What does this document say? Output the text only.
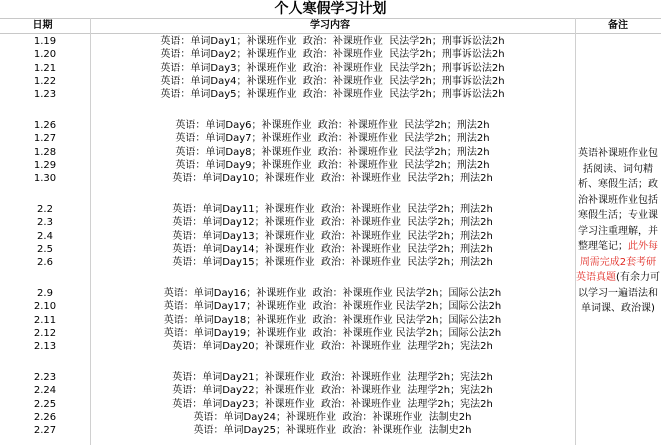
个人寒假学习计划
日期	学习内容	备注
1.19	英语：单词Day1；补课班作业  政治：补课班作业  民法学2h；刑事诉讼法2h
1.20	英语：单词Day2；补课班作业  政治：补课班作业  民法学2h；刑事诉讼法2h
1.21	英语：单词Day3；补课班作业  政治：补课班作业  民法学2h；刑事诉讼法2h
1.22	英语：单词Day4；补课班作业  政治：补课班作业  民法学2h；刑事诉讼法2h
1.23	英语：单词Day5；补课班作业  政治：补课班作业  民法学2h；刑事诉讼法2h
1.26	英语：单词Day6；补课班作业  政治：补课班作业  民法学2h；刑法2h
1.27	英语：单词Day7；补课班作业  政治：补课班作业  民法学2h；刑法2h
1.28	英语：单词Day8；补课班作业  政治：补课班作业  民法学2h；刑法2h
1.29	英语：单词Day9；补课班作业  政治：补课班作业  民法学2h；刑法2h
1.30	英语：单词Day10；补课班作业  政治：补课班作业  民法学2h；刑法2h
2.2	英语：单词Day11；补课班作业  政治：补课班作业  民法学2h；刑法2h
2.3	英语：单词Day12；补课班作业  政治：补课班作业  民法学2h；刑法2h
2.4	英语：单词Day13；补课班作业  政治：补课班作业  民法学2h；刑法2h
2.5	英语：单词Day14；补课班作业  政治：补课班作业  民法学2h；刑法2h
2.6	英语：单词Day15；补课班作业  政治：补课班作业  民法学2h；刑法2h
2.9	英语：单词Day16；补课班作业  政治：补课班作业 民法学2h；国际公法2h
2.10	英语：单词Day17；补课班作业  政治：补课班作业 民法学2h；国际公法2h
2.11	英语：单词Day18；补课班作业  政治：补课班作业 民法学2h；国际公法2h
2.12	英语：单词Day19；补课班作业  政治：补课班作业 民法学2h；国际公法2h
2.13	英语：单词Day20；补课班作业  政治：补课班作业  法理学2h；宪法2h
2.23	英语：单词Day21；补课班作业  政治：补课班作业  法理学2h；宪法2h
2.24	英语：单词Day22；补课班作业  政治：补课班作业  法理学2h；宪法2h
2.25	英语：单词Day23；补课班作业  政治：补课班作业  法理学2h；宪法2h
2.26	英语：单词Day24；补课班作业  政治：补课班作业  法制史2h
2.27	英语：单词Day25；补课班作业  政治：补课班作业  法制史2h
英语补课班作业包括阅读、词句精析、寒假生活；政治补课班作业包括寒假生活；专业课学习注重理解，并整理笔记；此外每周需完成2套考研英语真题(有余力可以学习一遍语法和单词课、政治课)
